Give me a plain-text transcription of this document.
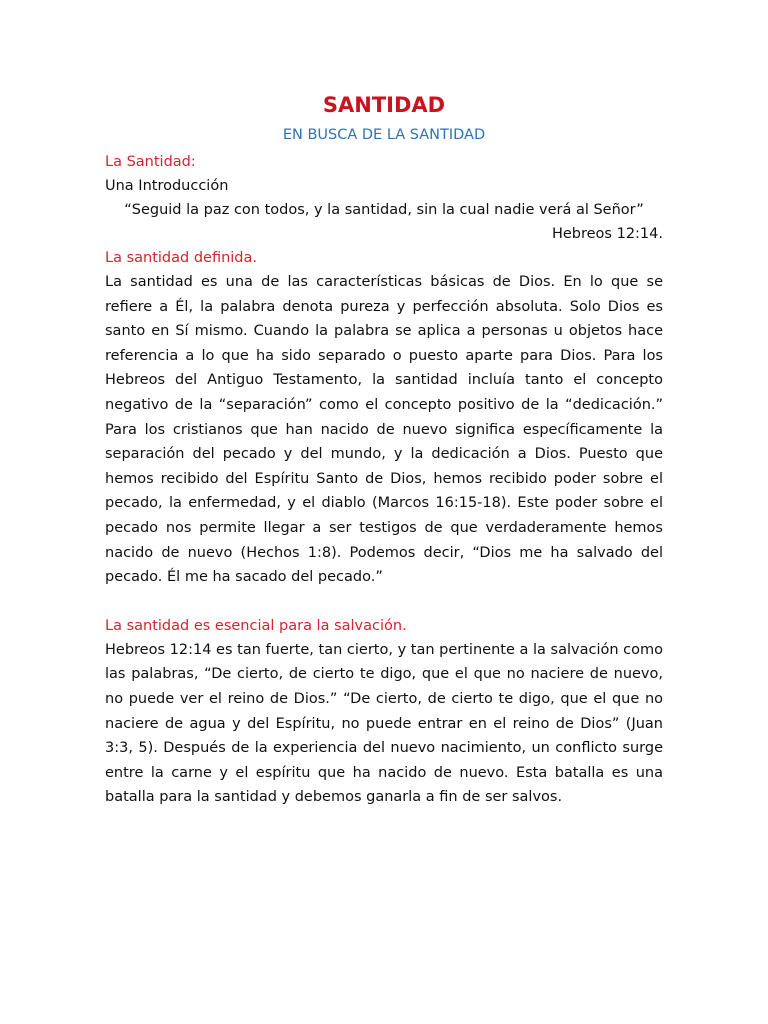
SANTIDAD
EN BUSCA DE LA SANTIDAD
La Santidad:
Una Introducción
“Seguid la paz con todos, y la santidad, sin la cual nadie verá al Señor”
Hebreos 12:14.
La santidad definida.

La santidad es una de las características básicas de Dios. En lo que se refiere a Él, la palabra denota pureza y perfección absoluta. Solo Dios es santo en Sí mismo. Cuando la palabra se aplica a personas u objetos hace referencia a lo que ha sido separado o puesto aparte para Dios. Para los Hebreos del Antiguo Testamento, la santidad incluía tanto el concepto negativo de la “separación” como el concepto positivo de la “dedicación.” Para los cristianos que han nacido de nuevo significa específicamente la separación del pecado y del mundo, y la dedicación a Dios. Puesto que hemos recibido del Espíritu Santo de Dios, hemos recibido poder sobre el pecado, la enfermedad, y el diablo (Marcos 16:15-18). Este poder sobre el pecado nos permite llegar a ser testigos de que verdaderamente hemos nacido de nuevo (Hechos 1:8). Podemos decir, “Dios me ha salvado del pecado. Él me ha sacado del pecado.”

La santidad es esencial para la salvación.

Hebreos 12:14 es tan fuerte, tan cierto, y tan pertinente a la salvación como las palabras, “De cierto, de cierto te digo, que el que no naciere de nuevo, no puede ver el reino de Dios.” “De cierto, de cierto te digo, que el que no naciere de agua y del Espíritu, no puede entrar en el reino de Dios” (Juan 3:3, 5). Después de la experiencia del nuevo nacimiento, un conflicto surge entre la carne y el espíritu que ha nacido de nuevo. Esta batalla es una batalla para la santidad y debemos ganarla a fin de ser salvos.
